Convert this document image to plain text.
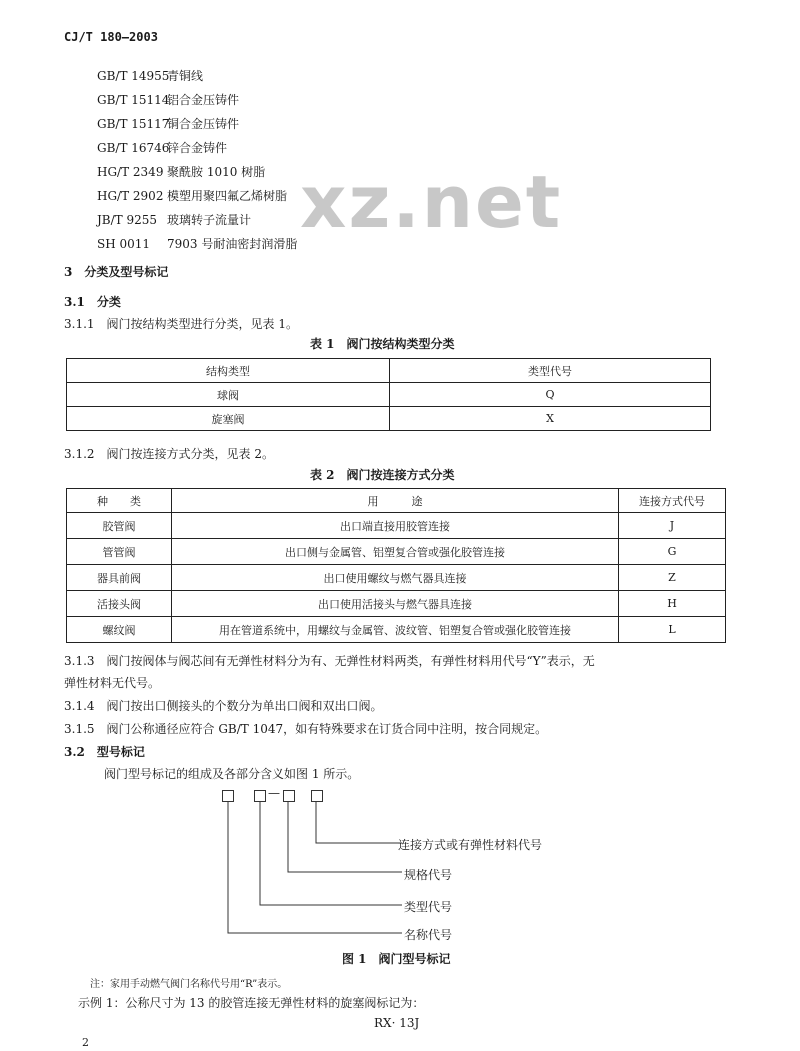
CJ/T 180—2003
xz.net
GB/T 14955青铜线
GB/T 15114铝合金压铸件
GB/T 15117铜合金压铸件
GB/T 16746锌合金铸件
HG/T 2349 聚酰胺 1010 树脂
HG/T 2902 模塑用聚四氟乙烯树脂
JB/T 9255 玻璃转子流量计
SH 0011 7903 号耐油密封润滑脂
3　分类及型号标记
3.1　分类
3.1.1　阀门按结构类型进行分类，见表 1。
表 1　阀门按结构类型分类
结构类型	类型代号
球阀	Q
旋塞阀	X
3.1.2　阀门按连接方式分类，见表 2。
表 2　阀门按连接方式分类
种　　类	用　　　途	连接方式代号
胶管阀	出口端直接用胶管连接	J
管管阀	出口侧与金属管、铝塑复合管或强化胶管连接	G
器具前阀	出口使用螺纹与燃气器具连接	Z
活接头阀	出口使用活接头与燃气器具连接	H
螺纹阀	用在管道系统中，用螺纹与金属管、波纹管、铝塑复合管或强化胶管连接	L
3.1.3　阀门按阀体与阀芯间有无弹性材料分为有、无弹性材料两类，有弹性材料用代号“Y”表示，无
弹性材料无代号。
3.1.4　阀门按出口侧接头的个数分为单出口阀和双出口阀。
3.1.5　阀门公称通径应符合 GB/T 1047，如有特殊要求在订货合同中注明，按合同规定。
3.2　型号标记
阀门型号标记的组成及各部分含义如图 1 所示。
—
连接方式或有弹性材料代号
规格代号
类型代号
名称代号
图 1　阀门型号标记
注：家用手动燃气阀门名称代号用“R”表示。
示例 1：公称尺寸为 13 的胶管连接无弹性材料的旋塞阀标记为：
RX· 13J
2
